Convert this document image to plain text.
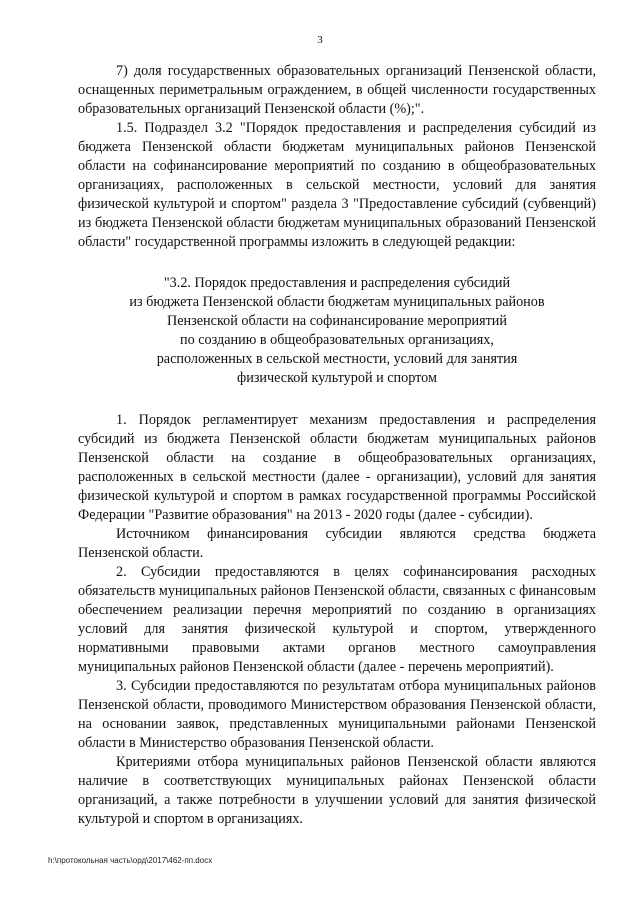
3

7) доля государственных образовательных организаций Пензенской области, оснащенных периметральным ограждением, в общей численности государственных образовательных организаций Пензенской области (%);".

1.5. Подраздел 3.2 "Порядок предоставления и распределения субсидий из бюджета Пензенской области бюджетам муниципальных районов Пензенской области на софинансирование мероприятий по созданию в общеобразовательных организациях, расположенных в сельской местности, условий для занятия физической культурой и спортом" раздела 3 "Предоставление субсидий (субвенций) из бюджета Пензенской области бюджетам муниципальных образований Пензенской области" государственной программы изложить в следующей редакции:

"3.2. Порядок предоставления и распределения субсидий
из бюджета Пензенской области бюджетам муниципальных районов
Пензенской области на софинансирование мероприятий
по созданию в общеобразовательных организациях,
расположенных в сельской местности, условий для занятия
физической культурой и спортом

1. Порядок регламентирует механизм предоставления и распределения субсидий из бюджета Пензенской области бюджетам муниципальных районов Пензенской области на создание в общеобразовательных организациях, расположенных в сельской местности (далее - организации), условий для занятия физической культурой и спортом в рамках государственной программы Российской Федерации "Развитие образования" на 2013 - 2020 годы (далее - субсидии).

Источником финансирования субсидии являются средства бюджета Пензенской области.

2. Субсидии предоставляются в целях софинансирования расходных обязательств муниципальных районов Пензенской области, связанных с финансовым обеспечением реализации перечня мероприятий по созданию в организациях условий для занятия физической культурой и спортом, утвержденного нормативными правовыми актами органов местного самоуправления муниципальных районов Пензенской области (далее - перечень мероприятий).

3. Субсидии предоставляются по результатам отбора муниципальных районов Пензенской области, проводимого Министерством образования Пензенской области, на основании заявок, представленных муниципальными районами Пензенской области в Министерство образования Пензенской области.

Критериями отбора муниципальных районов Пензенской области являются наличие в соответствующих муниципальных районах Пензенской области организаций, а также потребности в улучшении условий для занятия физической культурой и спортом в организациях.

h:\протокольная часть\орд\2017\462-пп.docx
